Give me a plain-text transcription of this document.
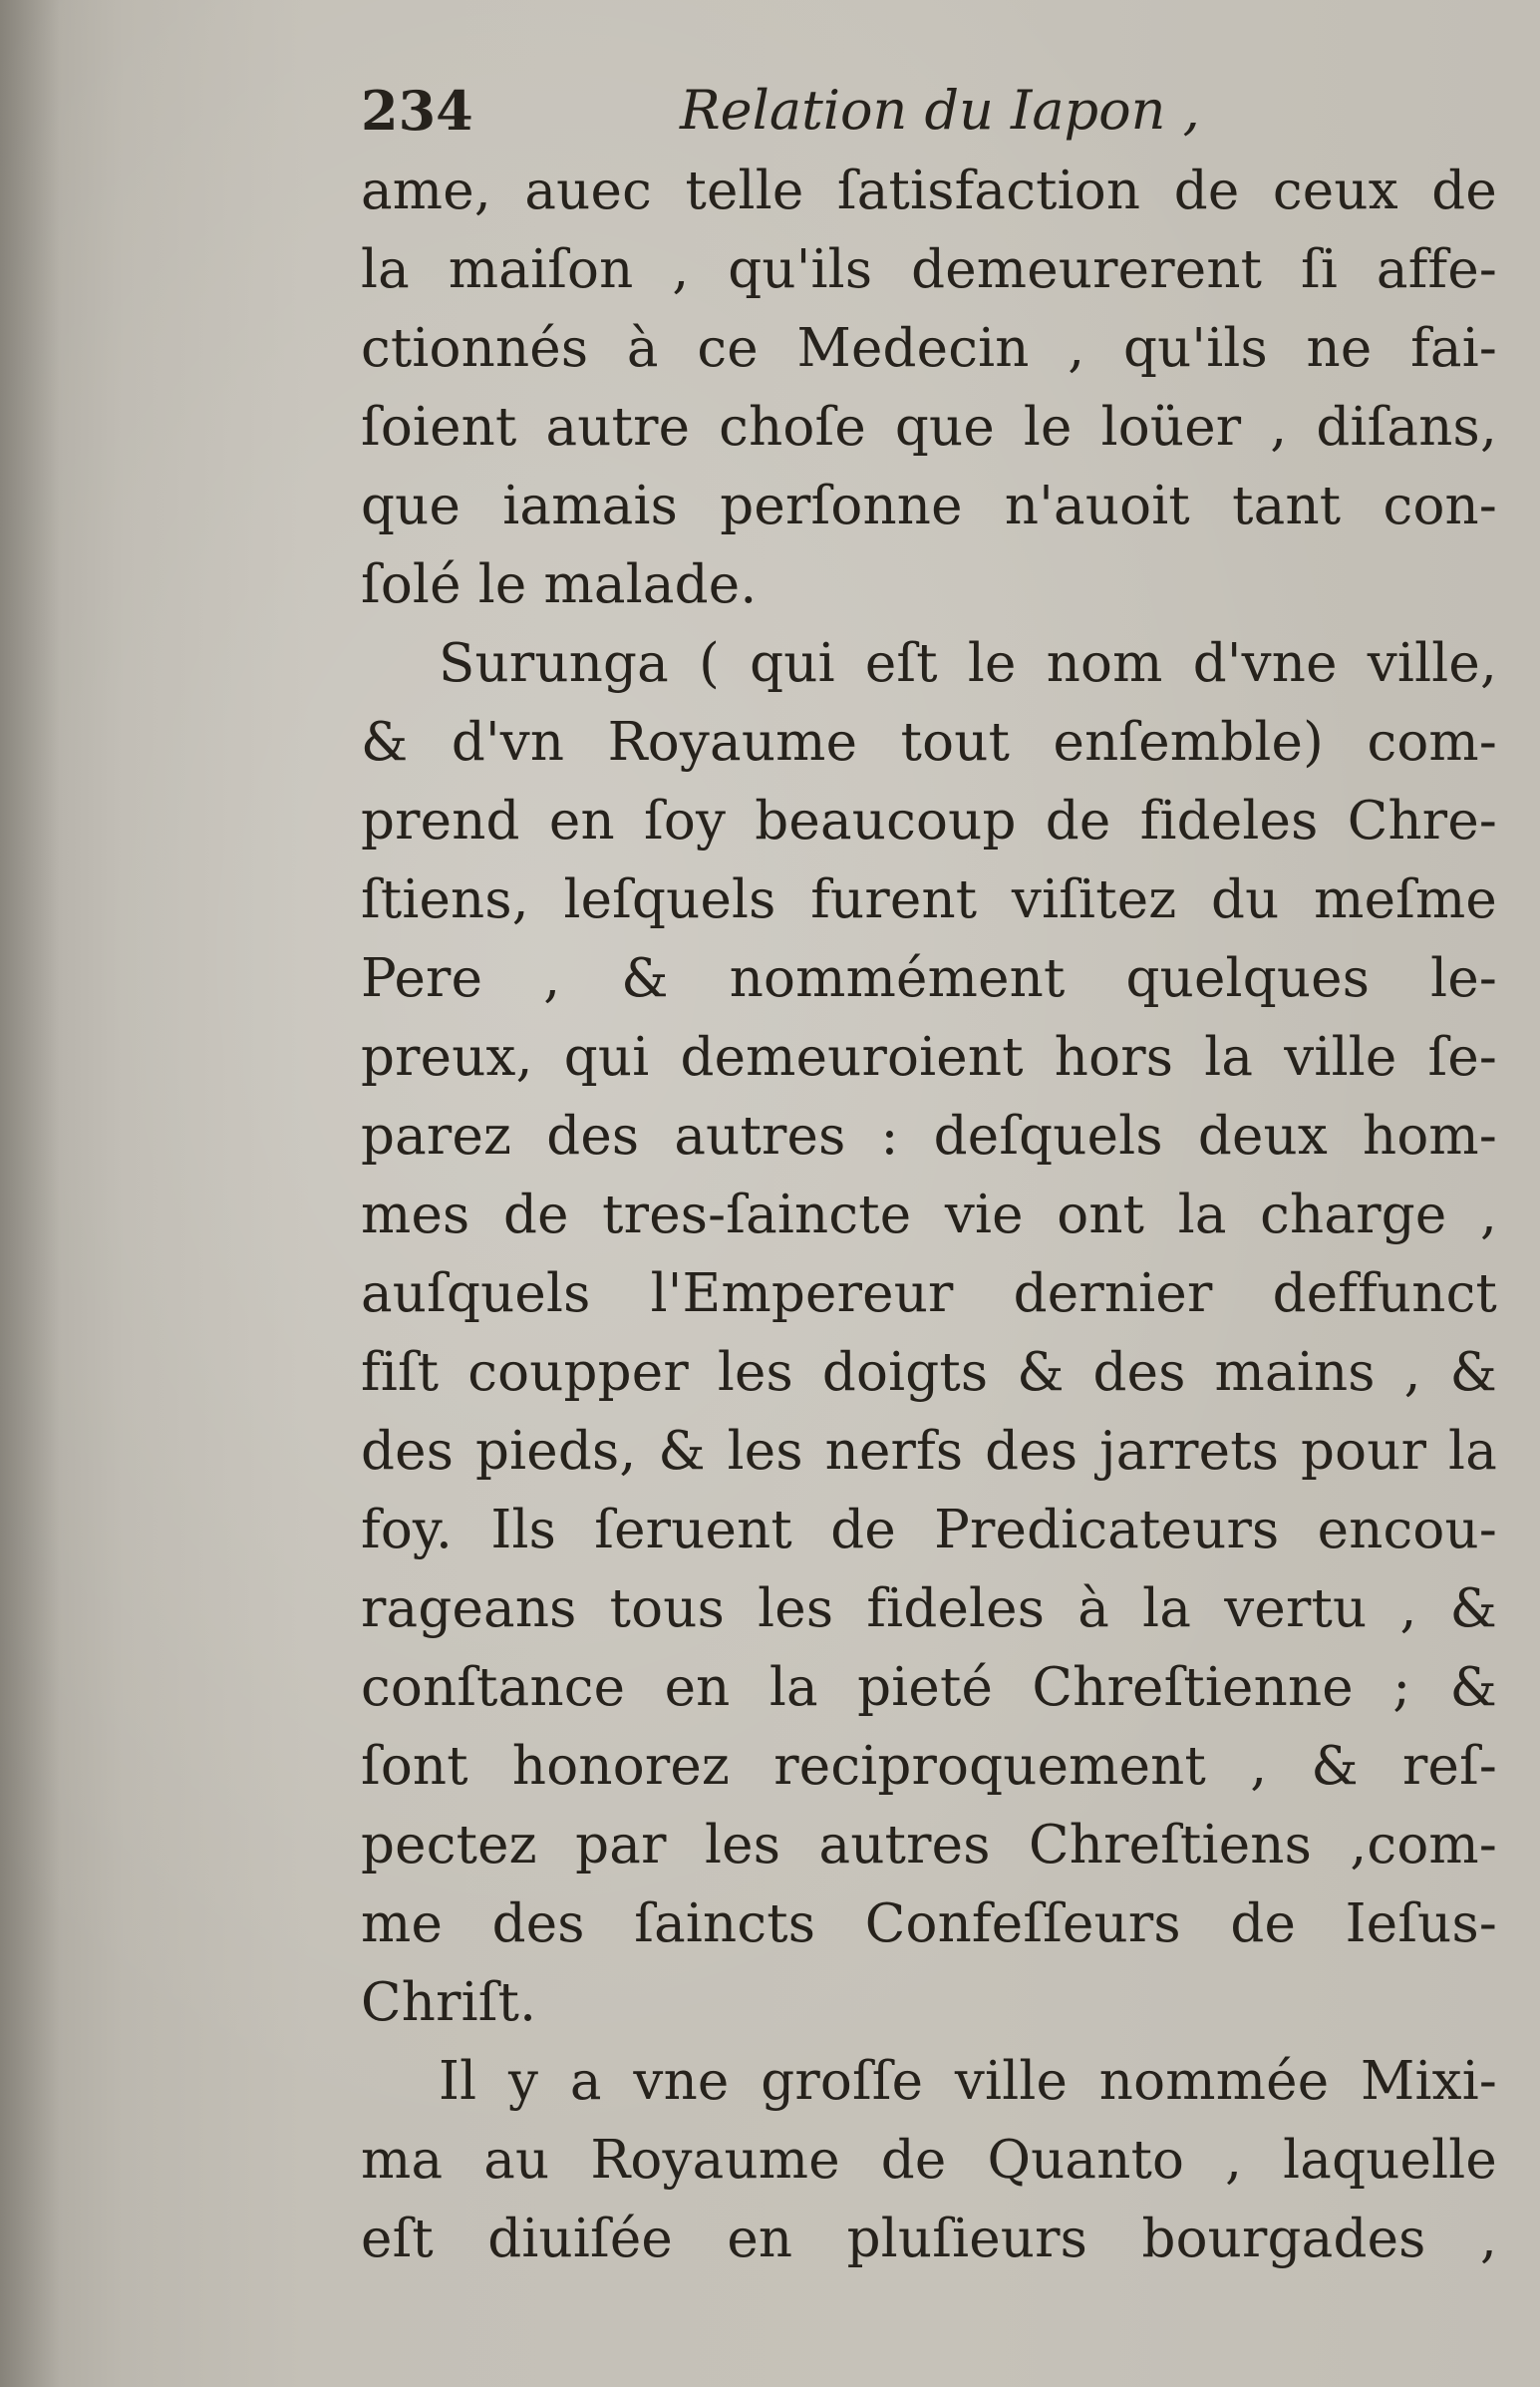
234	Relation du Iapon ,
ame, auec telle ſatisfaction de ceux de
la maiſon , qu'ils demeurerent ſi affe-
ctionnés à ce Medecin , qu'ils ne fai-
ſoient autre choſe que le loüer , diſans,
que iamais perſonne n'auoit tant con-
ſolé le malade.
Surunga ( qui eſt le nom d'vne ville,
& d'vn Royaume tout enſemble) com-
prend en ſoy beaucoup de fideles Chre-
ſtiens, leſquels furent viſitez du meſme
Pere , & nommément quelques le-
preux, qui demeuroient hors la ville ſe-
parez des autres : deſquels deux hom-
mes de tres-ſaincte vie ont la charge ,
auſquels l'Empereur dernier deffunct
fiſt coupper les doigts & des mains , &
des pieds, & les nerfs des jarrets pour la
foy. Ils ſeruent de Predicateurs encou-
rageans tous les fideles à la vertu , &
conſtance en la pieté Chreſtienne ; &
ſont honorez reciproquement , & reſ-
pectez par les autres Chreſtiens ,com-
me des ſaincts Confeſſeurs de Ieſus-
Chriſt.
Il y a vne groſſe ville nommée Mixi-
ma au Royaume de Quanto , laquelle
eſt diuiſée en pluſieurs bourgades ,
